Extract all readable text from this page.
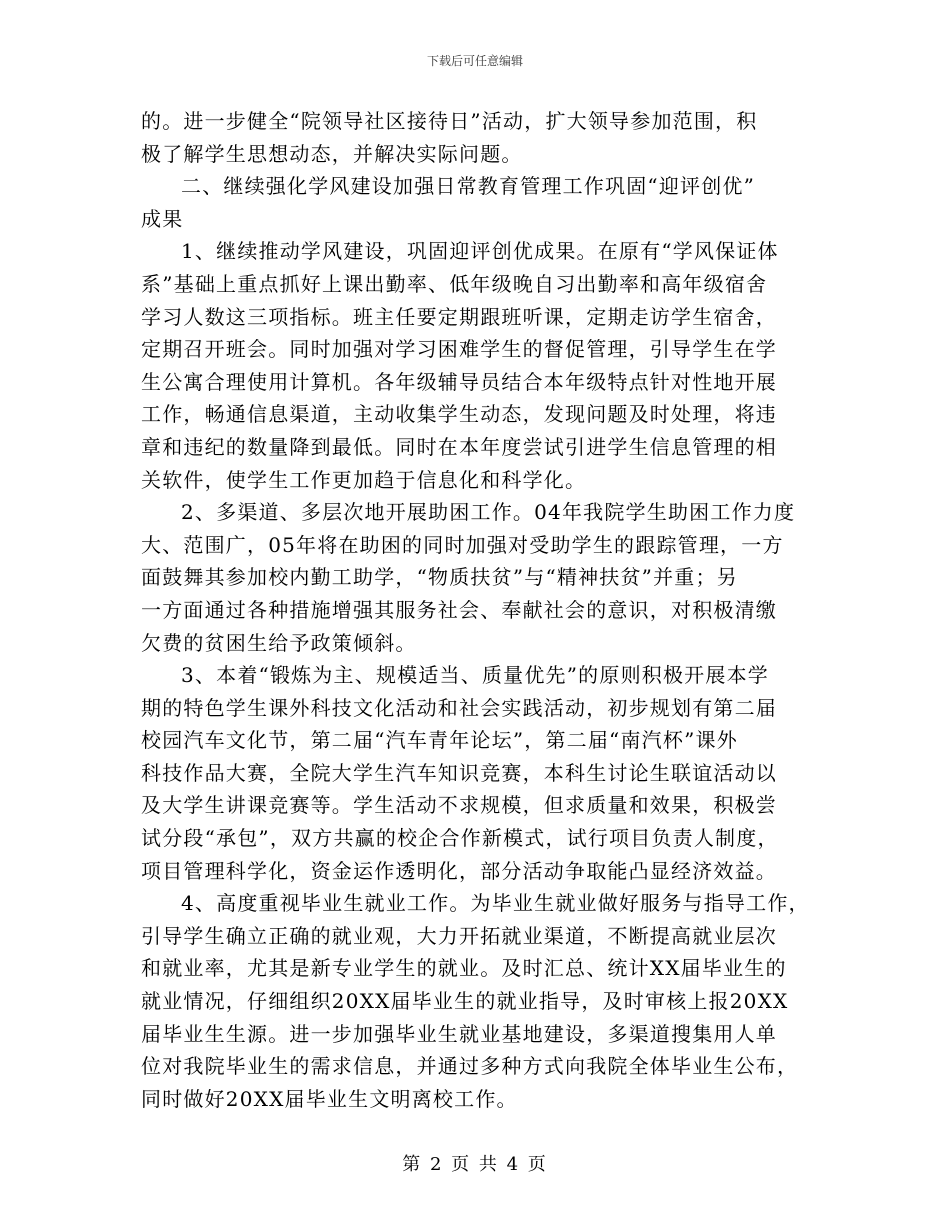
下载后可任意编辑
的。进一步健全“院领导社区接待日”活动，扩大领导参加范围，积
极了解学生思想动态，并解决实际问题。
二、继续强化学风建设加强日常教育管理工作巩固“迎评创优”
成果
1、继续推动学风建设，巩固迎评创优成果。在原有“学风保证体
系”基础上重点抓好上课出勤率、低年级晚自习出勤率和高年级宿舍
学习人数这三项指标。班主任要定期跟班听课，定期走访学生宿舍，
定期召开班会。同时加强对学习困难学生的督促管理，引导学生在学
生公寓合理使用计算机。各年级辅导员结合本年级特点针对性地开展
工作，畅通信息渠道，主动收集学生动态，发现问题及时处理，将违
章和违纪的数量降到最低。同时在本年度尝试引进学生信息管理的相
关软件，使学生工作更加趋于信息化和科学化。
2、多渠道、多层次地开展助困工作。04年我院学生助困工作力度
大、范围广，05年将在助困的同时加强对受助学生的跟踪管理，一方
面鼓舞其参加校内勤工助学，“物质扶贫”与“精神扶贫”并重；另
一方面通过各种措施增强其服务社会、奉献社会的意识，对积极清缴
欠费的贫困生给予政策倾斜。
3、本着“锻炼为主、规模适当、质量优先”的原则积极开展本学
期的特色学生课外科技文化活动和社会实践活动，初步规划有第二届
校园汽车文化节，第二届“汽车青年论坛”，第二届“南汽杯”课外
科技作品大赛，全院大学生汽车知识竞赛，本科生讨论生联谊活动以
及大学生讲课竞赛等。学生活动不求规模，但求质量和效果，积极尝
试分段“承包”，双方共赢的校企合作新模式，试行项目负责人制度，
项目管理科学化，资金运作透明化，部分活动争取能凸显经济效益。
4、高度重视毕业生就业工作。为毕业生就业做好服务与指导工作，
引导学生确立正确的就业观，大力开拓就业渠道，不断提高就业层次
和就业率，尤其是新专业学生的就业。及时汇总、统计XX届毕业生的
就业情况，仔细组织20XX届毕业生的就业指导，及时审核上报20XX
届毕业生生源。进一步加强毕业生就业基地建设，多渠道搜集用人单
位对我院毕业生的需求信息，并通过多种方式向我院全体毕业生公布，
同时做好20XX届毕业生文明离校工作。
第 2 页 共 4 页
